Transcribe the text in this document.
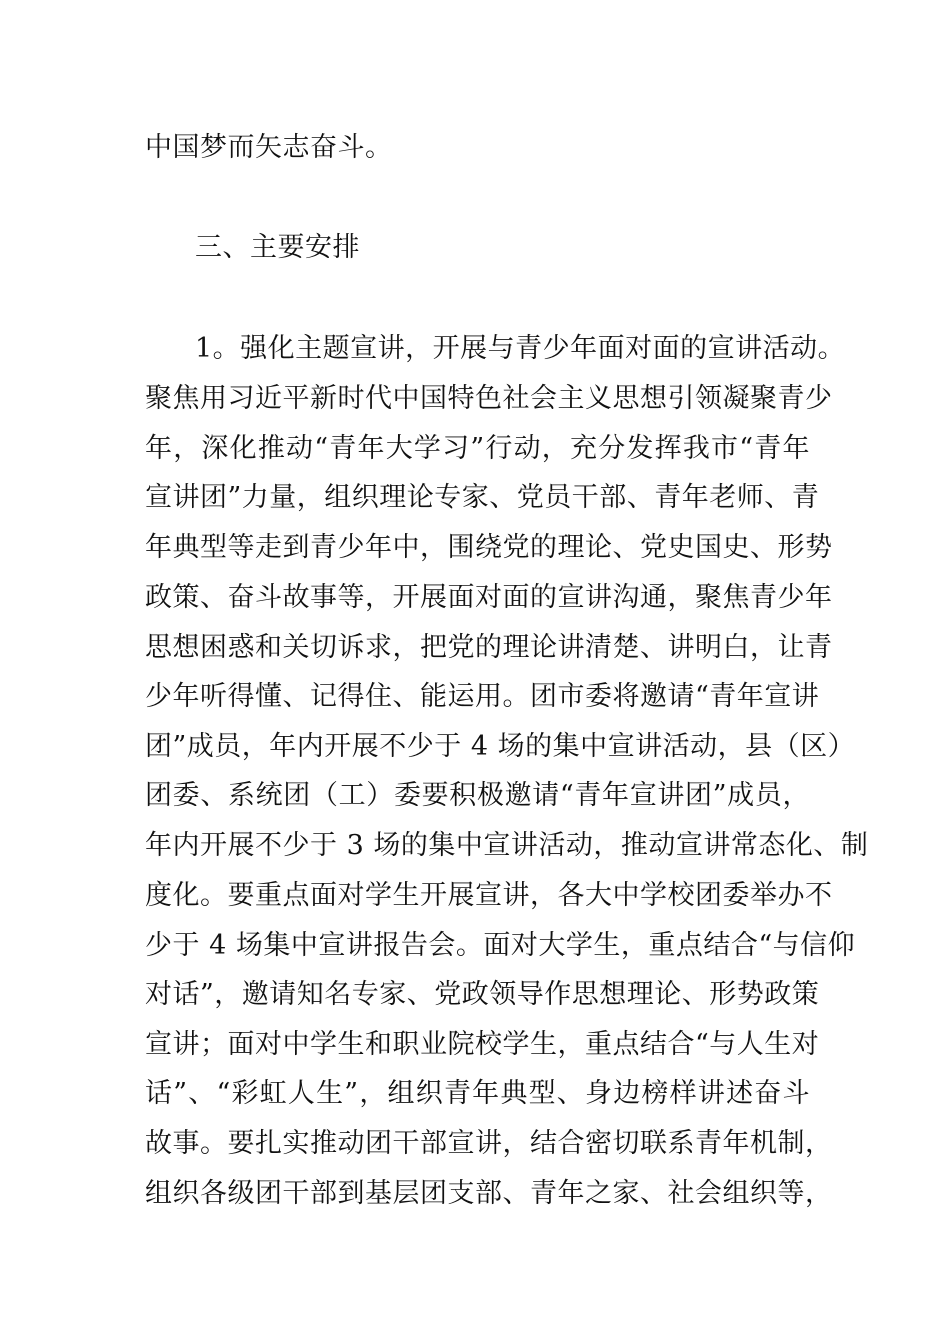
中国梦而矢志奋斗。
三、主要安排
1。强化主题宣讲，开展与青少年面对面的宣讲活动。
聚焦用习近平新时代中国特色社会主义思想引领凝聚青少
年，深化推动“青年大学习”行动，充分发挥我市“青年
宣讲团”力量，组织理论专家、党员干部、青年老师、青
年典型等走到青少年中，围绕党的理论、党史国史、形势
政策、奋斗故事等，开展面对面的宣讲沟通，聚焦青少年
思想困惑和关切诉求，把党的理论讲清楚、讲明白，让青
少年听得懂、记得住、能运用。团市委将邀请“青年宣讲
团”成员，年内开展不少于 4 场的集中宣讲活动，县（区）
团委、系统团（工）委要积极邀请“青年宣讲团”成员，
年内开展不少于 3 场的集中宣讲活动，推动宣讲常态化、制
度化。要重点面对学生开展宣讲，各大中学校团委举办不
少于 4 场集中宣讲报告会。面对大学生，重点结合“与信仰
对话”，邀请知名专家、党政领导作思想理论、形势政策
宣讲；面对中学生和职业院校学生，重点结合“与人生对
话”、“彩虹人生”，组织青年典型、身边榜样讲述奋斗
故事。要扎实推动团干部宣讲，结合密切联系青年机制，
组织各级团干部到基层团支部、青年之家、社会组织等，
